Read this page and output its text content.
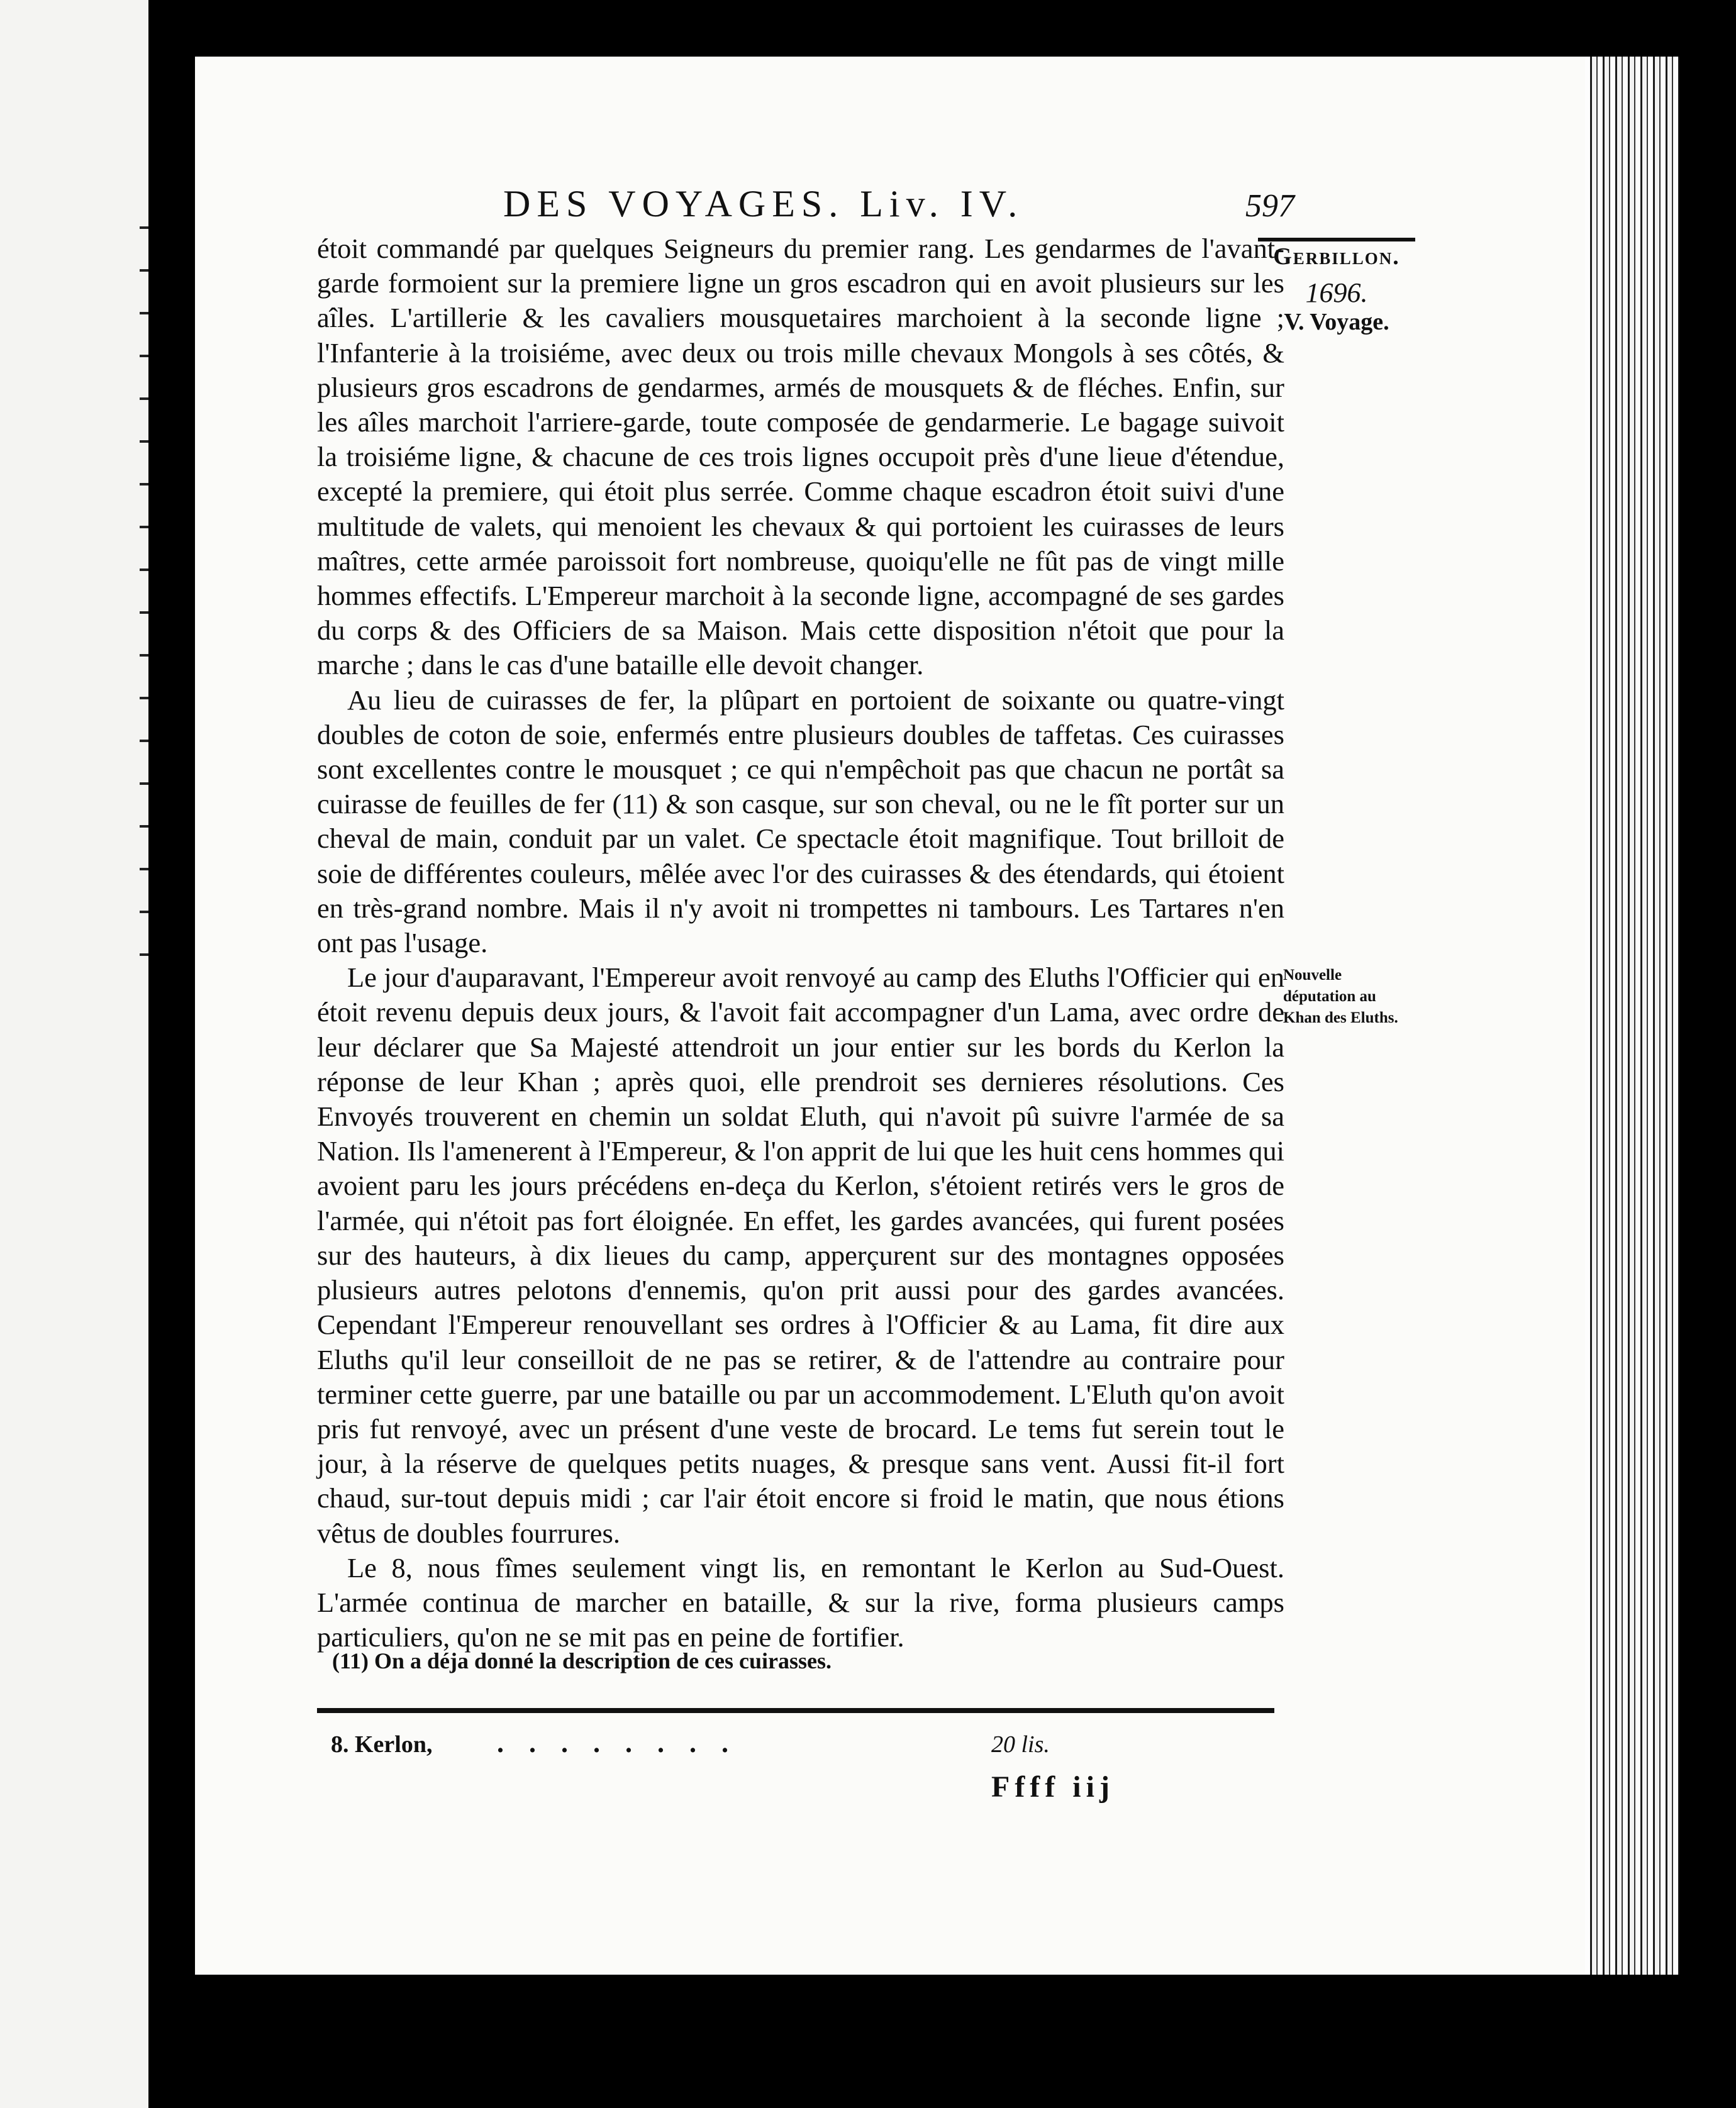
DES VOYAGES. Liv. IV.	597
Gerbillon.
1696.
V. Voyage.
Nouvelle députation au Khan des Eluths.

étoit commandé par quelques Seigneurs du premier rang. Les gendarmes de l'avant-garde formoient sur la premiere ligne un gros escadron qui en avoit plusieurs sur les aîles. L'artillerie & les cavaliers mousquetaires marchoient à la seconde ligne ; l'Infanterie à la troisiéme, avec deux ou trois mille chevaux Mongols à ses côtés, & plusieurs gros escadrons de gendarmes, armés de mousquets & de fléches. Enfin, sur les aîles marchoit l'arriere-garde, toute composée de gendarmerie. Le bagage suivoit la troisiéme ligne, & chacune de ces trois lignes occupoit près d'une lieue d'étendue, excepté la premiere, qui étoit plus serrée. Comme chaque escadron étoit suivi d'une multitude de valets, qui menoient les chevaux & qui portoient les cuirasses de leurs maîtres, cette armée paroissoit fort nombreuse, quoiqu'elle ne fût pas de vingt mille hommes effectifs. L'Empereur marchoit à la seconde ligne, accompagné de ses gardes du corps & des Officiers de sa Maison. Mais cette disposition n'étoit que pour la marche ; dans le cas d'une bataille elle devoit changer.

Au lieu de cuirasses de fer, la plûpart en portoient de soixante ou quatre-vingt doubles de coton de soie, enfermés entre plusieurs doubles de taffetas. Ces cuirasses sont excellentes contre le mousquet ; ce qui n'empêchoit pas que chacun ne portât sa cuirasse de feuilles de fer (11) & son casque, sur son cheval, ou ne le fît porter sur un cheval de main, conduit par un valet. Ce spectacle étoit magnifique. Tout brilloit de soie de différentes couleurs, mêlée avec l'or des cuirasses & des étendards, qui étoient en très-grand nombre. Mais il n'y avoit ni trompettes ni tambours. Les Tartares n'en ont pas l'usage.

Le jour d'auparavant, l'Empereur avoit renvoyé au camp des Eluths l'Officier qui en étoit revenu depuis deux jours, & l'avoit fait accompagner d'un Lama, avec ordre de leur déclarer que Sa Majesté attendroit un jour entier sur les bords du Kerlon la réponse de leur Khan ; après quoi, elle prendroit ses dernieres résolutions. Ces Envoyés trouverent en chemin un soldat Eluth, qui n'avoit pû suivre l'armée de sa Nation. Ils l'amenerent à l'Empereur, & l'on apprit de lui que les huit cens hommes qui avoient paru les jours précédens en-deça du Kerlon, s'étoient retirés vers le gros de l'armée, qui n'étoit pas fort éloignée. En effet, les gardes avancées, qui furent posées sur des hauteurs, à dix lieues du camp, apperçurent sur des montagnes opposées plusieurs autres pelotons d'ennemis, qu'on prit aussi pour des gardes avancées. Cependant l'Empereur renouvellant ses ordres à l'Officier & au Lama, fit dire aux Eluths qu'il leur conseilloit de ne pas se retirer, & de l'attendre au contraire pour terminer cette guerre, par une bataille ou par un accommodement. L'Eluth qu'on avoit pris fut renvoyé, avec un présent d'une veste de brocard. Le tems fut serein tout le jour, à la réserve de quelques petits nuages, & presque sans vent. Aussi fit-il fort chaud, sur-tout depuis midi ; car l'air étoit encore si froid le matin, que nous étions vêtus de doubles fourrures.

Le 8, nous fîmes seulement vingt lis, en remontant le Kerlon au Sud-Ouest. L'armée continua de marcher en bataille, & sur la rive, forma plusieurs camps particuliers, qu'on ne se mit pas en peine de fortifier.

(11) On a déja donné la description de ces cuirasses.
8. Kerlon, ........	20 lis.
Ffff iij
